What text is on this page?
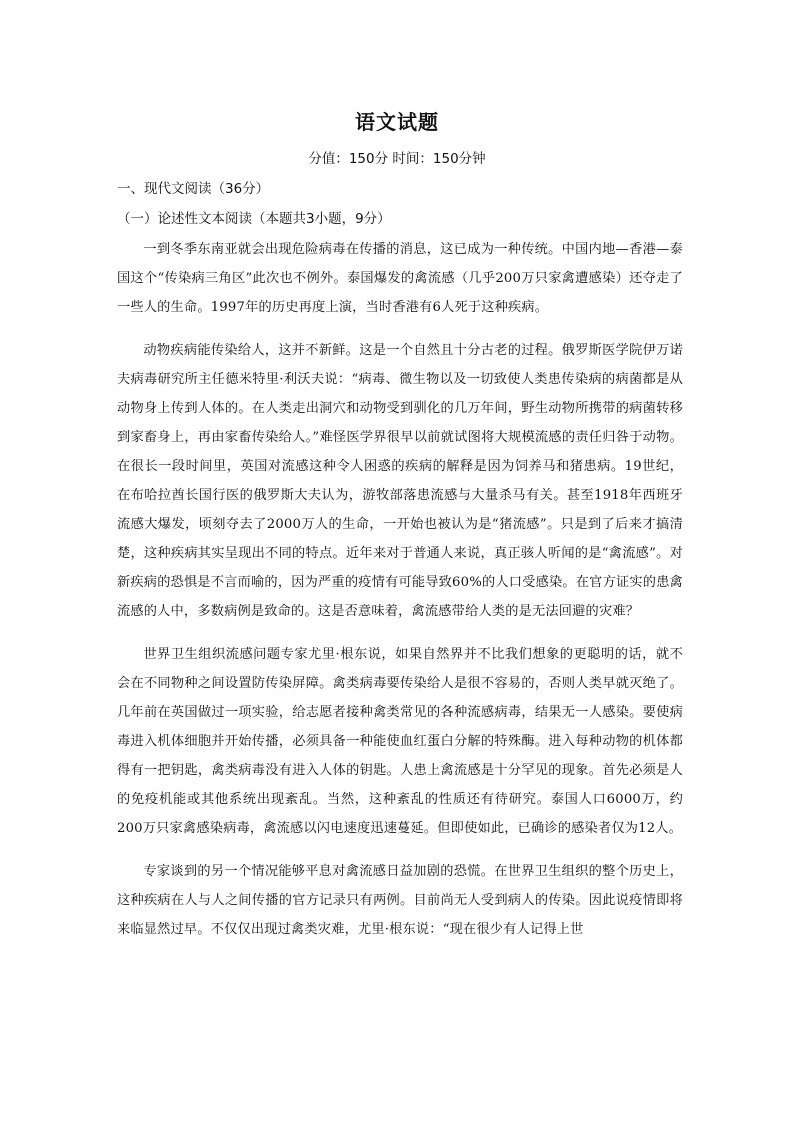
语文试题
分值：150分 时间：150分钟
一、现代文阅读（36分）
（一）论述性文本阅读（本题共3小题，9分）

一到冬季东南亚就会出现危险病毒在传播的消息，这已成为一种传统。中国内地—香港—泰国这个“传染病三角区”此次也不例外。泰国爆发的禽流感（几乎200万只家禽遭感染）还夺走了一些人的生命。1997年的历史再度上演，当时香港有6人死于这种疾病。

动物疾病能传染给人，这并不新鲜。这是一个自然且十分古老的过程。俄罗斯医学院伊万诺夫病毒研究所主任德米特里·利沃夫说：“病毒、微生物以及一切致使人类患传染病的病菌都是从动物身上传到人体的。在人类走出洞穴和动物受到驯化的几万年间，野生动物所携带的病菌转移到家畜身上，再由家畜传染给人。”难怪医学界很早以前就试图将大规模流感的责任归咎于动物。在很长一段时间里，英国对流感这种令人困惑的疾病的解释是因为饲养马和猪患病。19世纪，在布哈拉酋长国行医的俄罗斯大夫认为，游牧部落患流感与大量杀马有关。甚至1918年西班牙流感大爆发，顷刻夺去了2000万人的生命，一开始也被认为是“猪流感”。只是到了后来才搞清楚，这种疾病其实呈现出不同的特点。近年来对于普通人来说，真正骇人听闻的是“禽流感”。对新疾病的恐惧是不言而喻的，因为严重的疫情有可能导致60%的人口受感染。在官方证实的患禽流感的人中，多数病例是致命的。这是否意味着，禽流感带给人类的是无法回避的灾难？

世界卫生组织流感问题专家尤里·根东说，如果自然界并不比我们想象的更聪明的话，就不会在不同物种之间设置防传染屏障。禽类病毒要传染给人是很不容易的，否则人类早就灭绝了。几年前在英国做过一项实验，给志愿者接种禽类常见的各种流感病毒，结果无一人感染。要使病毒进入机体细胞并开始传播，必须具备一种能使血红蛋白分解的特殊酶。进入每种动物的机体都得有一把钥匙，禽类病毒没有进入人体的钥匙。人患上禽流感是十分罕见的现象。首先必须是人的免疫机能或其他系统出现紊乱。当然，这种紊乱的性质还有待研究。泰国人口6000万，约200万只家禽感染病毒，禽流感以闪电速度迅速蔓延。但即使如此，已确诊的感染者仅为12人。

专家谈到的另一个情况能够平息对禽流感日益加剧的恐慌。在世界卫生组织的整个历史上，这种疾病在人与人之间传播的官方记录只有两例。目前尚无人受到病人的传染。因此说疫情即将来临显然过早。不仅仅出现过禽类灾难，尤里·根东说：“现在很少有人记得上世
